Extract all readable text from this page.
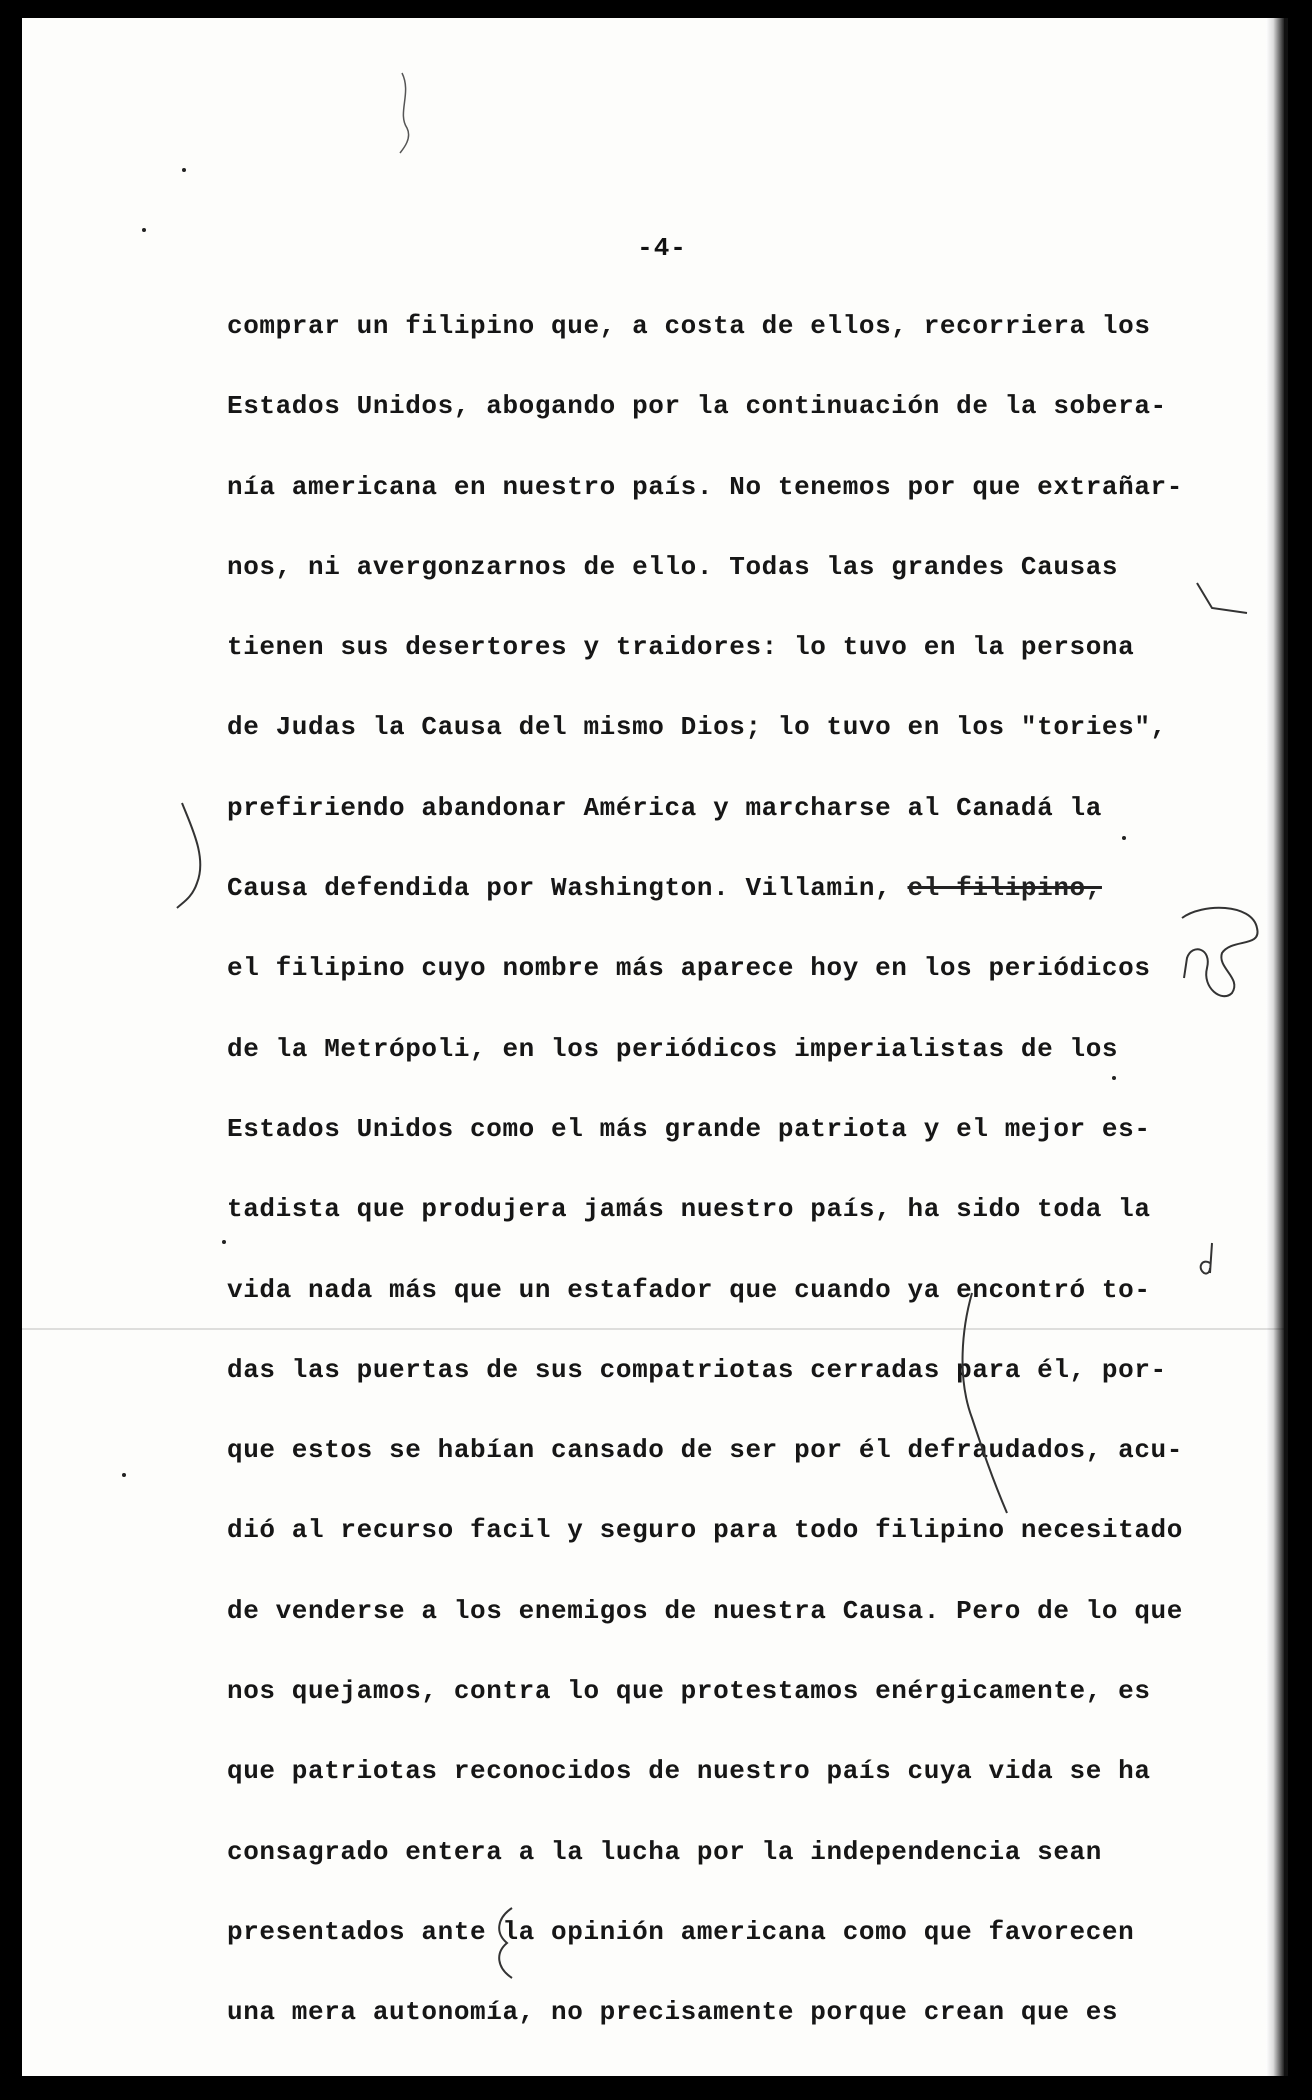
-4-
comprar un filipino que, a costa de ellos, recorriera los
Estados Unidos, abogando por la continuación de la sobera-
nía americana en nuestro país. No tenemos por que extrañar-
nos, ni avergonzarnos de ello. Todas las grandes Causas
tienen sus desertores y traidores: lo tuvo en la persona
de Judas la Causa del mismo Dios; lo tuvo en los "tories",
prefiriendo abandonar América y marcharse al Canadá la
Causa defendida por Washington. Villamin, el filipino,
el filipino cuyo nombre más aparece hoy en los periódicos
de la Metrópoli, en los periódicos imperialistas de los
Estados Unidos como el más grande patriota y el mejor es-
tadista que produjera jamás nuestro país, ha sido toda la
vida nada más que un estafador que cuando ya encontró to-
das las puertas de sus compatriotas cerradas para él, por-
que estos se habían cansado de ser por él defraudados, acu-
dió al recurso facil y seguro para todo filipino necesitado
de venderse a los enemigos de nuestra Causa. Pero de lo que
nos quejamos, contra lo que protestamos enérgicamente, es
que patriotas reconocidos de nuestro país cuya vida se ha
consagrado entera a la lucha por la independencia sean
presentados ante la opinión americana como que favorecen
una mera autonomía, no precisamente porque crean que es
